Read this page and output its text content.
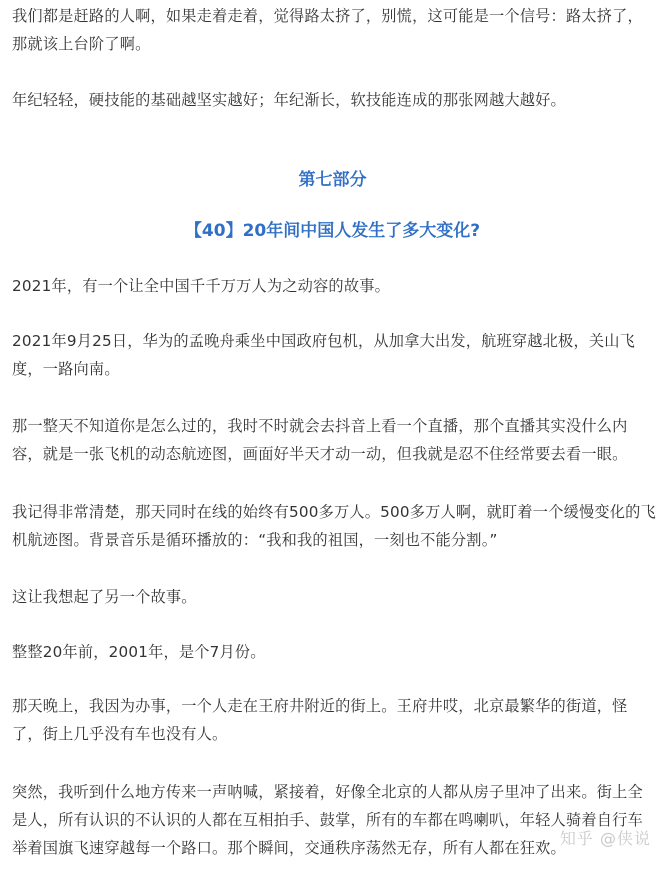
我们都是赶路的人啊，如果走着走着，觉得路太挤了，别慌，这可能是一个信号：路太挤了，那就该上台阶了啊。

年纪轻轻，硬技能的基础越坚实越好；年纪渐长，软技能连成的那张网越大越好。

第七部分

【40】20年间中国人发生了多大变化?

2021年，有一个让全中国千千万万人为之动容的故事。

2021年9月25日，华为的孟晚舟乘坐中国政府包机，从加拿大出发，航班穿越北极，关山飞度，一路向南。

那一整天不知道你是怎么过的，我时不时就会去抖音上看一个直播，那个直播其实没什么内容，就是一张飞机的动态航迹图，画面好半天才动一动，但我就是忍不住经常要去看一眼。

我记得非常清楚，那天同时在线的始终有500多万人。500多万人啊，就盯着一个缓慢变化的飞机航迹图。背景音乐是循环播放的：“我和我的祖国，一刻也不能分割。”

这让我想起了另一个故事。

整整20年前，2001年，是个7月份。

那天晚上，我因为办事，一个人走在王府井附近的街上。王府井哎，北京最繁华的街道，怪了，街上几乎没有车也没有人。

突然，我听到什么地方传来一声呐喊，紧接着，好像全北京的人都从房子里冲了出来。街上全是人，所有认识的不认识的人都在互相拍手、鼓掌，所有的车都在鸣喇叭，年轻人骑着自行车举着国旗飞速穿越每一个路口。那个瞬间，交通秩序荡然无存，所有人都在狂欢。

知乎 @侠说
